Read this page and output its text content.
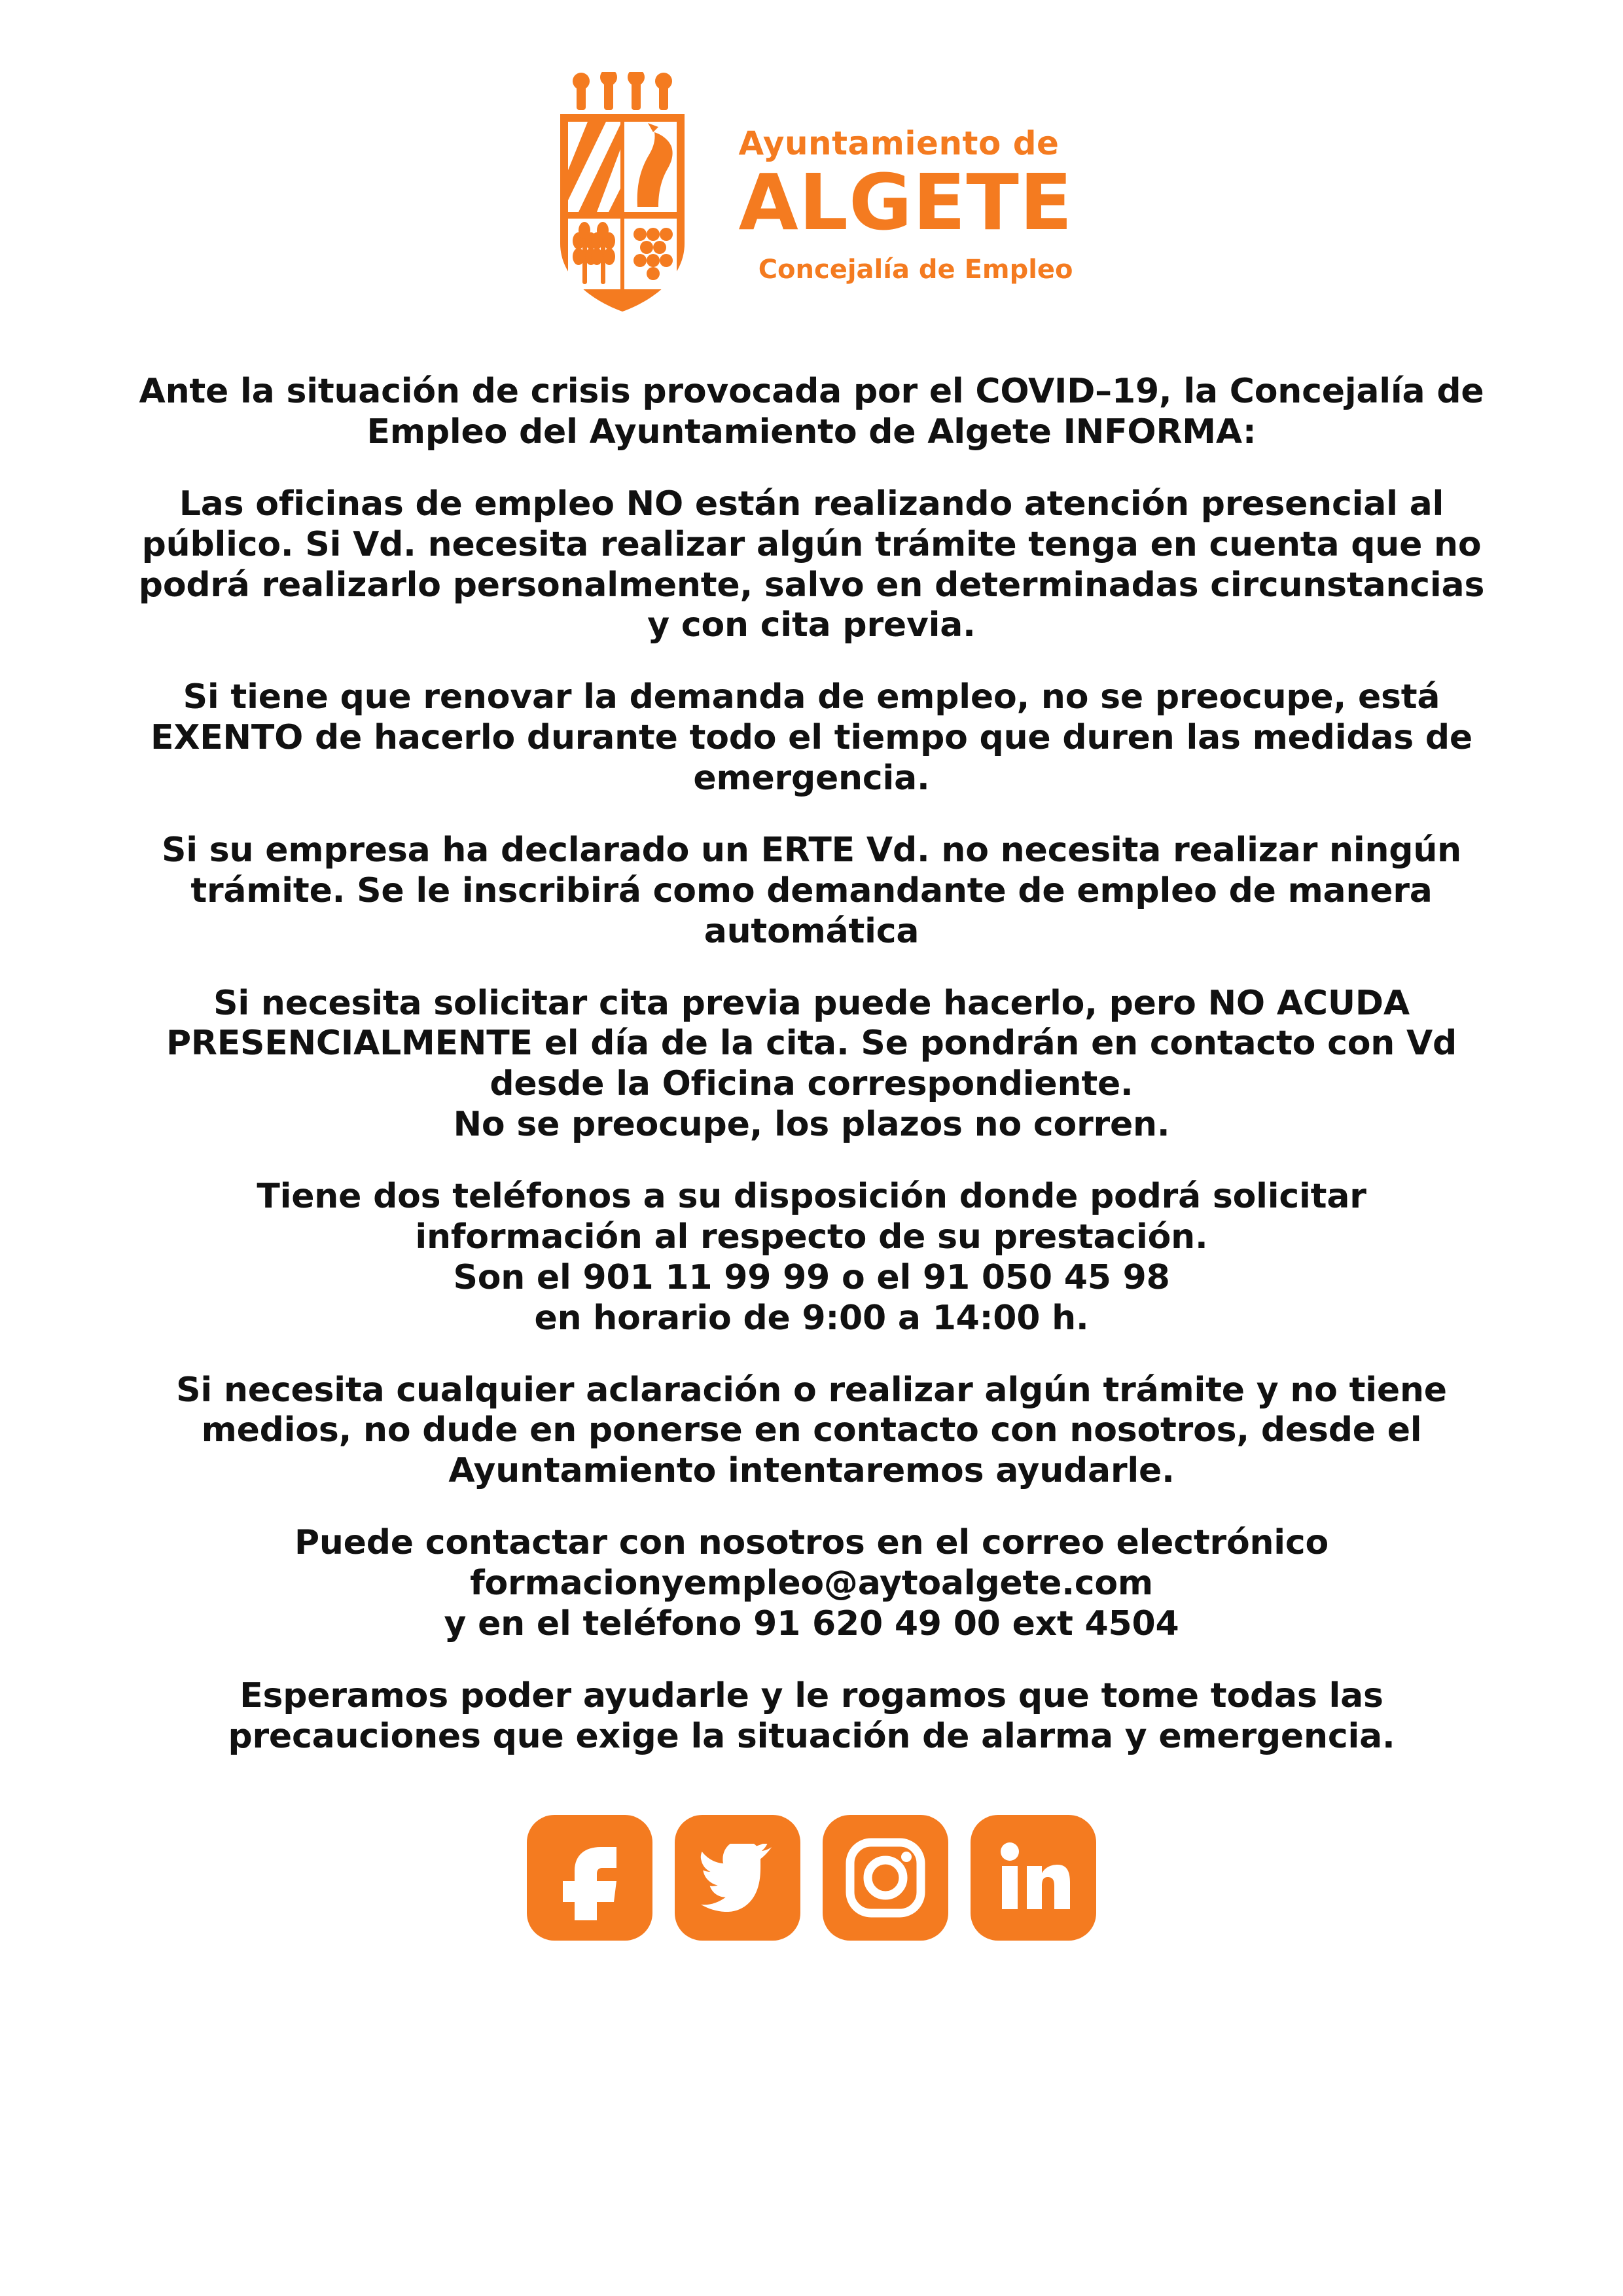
Ayuntamiento de
ALGETE
Concejalía de Empleo

Ante la situación de crisis provocada por el COVID–19, la Concejalía de Empleo del Ayuntamiento de Algete INFORMA:

Las oficinas de empleo NO están realizando atención presencial al público. Si Vd. necesita realizar algún trámite tenga en cuenta que no podrá realizarlo personalmente, salvo en determinadas circunstancias y con cita previa.

Si tiene que renovar la demanda de empleo, no se preocupe, está EXENTO de hacerlo durante todo el tiempo que duren las medidas de emergencia.

Si su empresa ha declarado un ERTE Vd. no necesita realizar ningún trámite. Se le inscribirá como demandante de empleo de manera automática

Si necesita solicitar cita previa puede hacerlo, pero NO ACUDA PRESENCIALMENTE el día de la cita. Se pondrán en contacto con Vd desde la Oficina correspondiente.
No se preocupe, los plazos no corren.

Tiene dos teléfonos a su disposición donde podrá solicitar información al respecto de su prestación.
Son el 901 11 99 99 o el 91 050 45 98
en horario de 9:00 a 14:00 h.

Si necesita cualquier aclaración o realizar algún trámite y no tiene medios, no dude en ponerse en contacto con nosotros, desde el Ayuntamiento intentaremos ayudarle.

Puede contactar con nosotros en el correo electrónico
formacionyempleo@aytoalgete.com
y en el teléfono 91 620 49 00 ext 4504

Esperamos poder ayudarle y le rogamos que tome todas las precauciones que exige la situación de alarma y emergencia.
